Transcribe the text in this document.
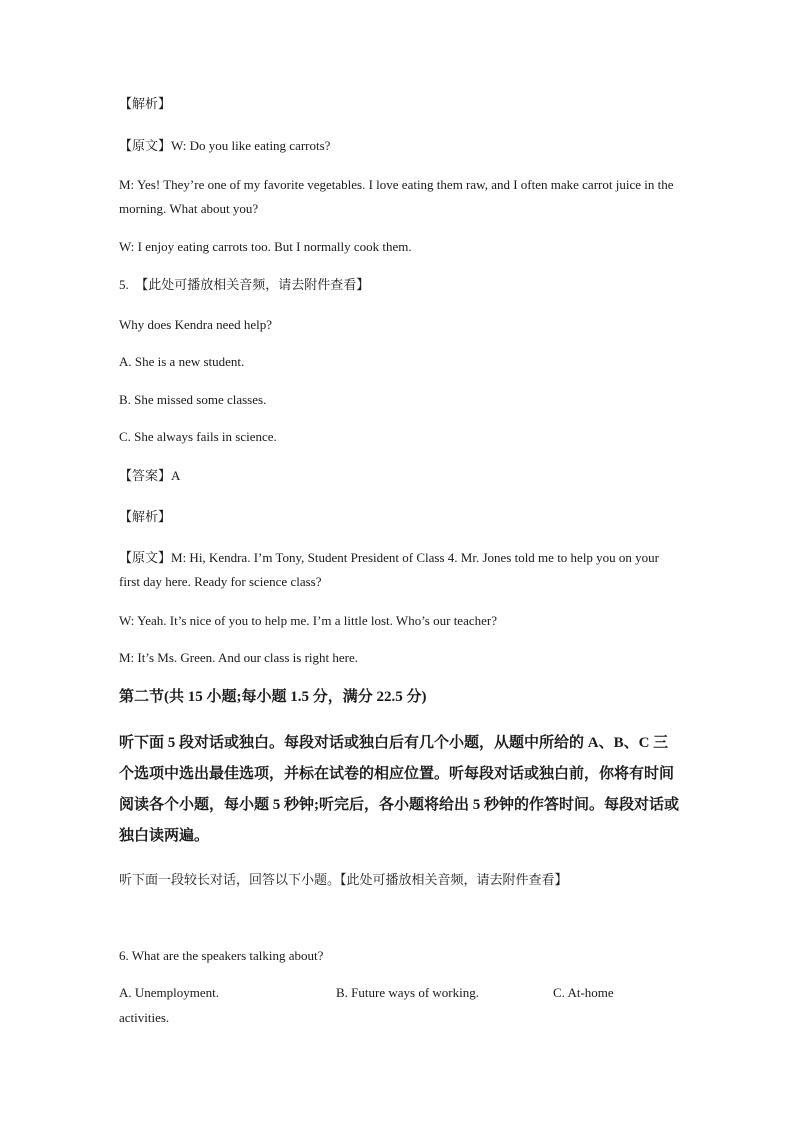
【解析】
【原文】W: Do you like eating carrots?
M: Yes! They’re one of my favorite vegetables. I love eating them raw, and I often make carrot juice in the morning. What about you?
W: I enjoy eating carrots too. But I normally cook them.
5. 【此处可播放相关音频，请去附件查看】
Why does Kendra need help?
A. She is a new student.
B. She missed some classes.
C. She always fails in science.
【答案】A
【解析】
【原文】M: Hi, Kendra. I’m Tony, Student President of Class 4. Mr. Jones told me to help you on your first day here. Ready for science class?
W: Yeah. It’s nice of you to help me. I’m a little lost. Who’s our teacher?
M: It’s Ms. Green. And our class is right here.
第二节(共 15 小题;每小题 1.5 分，满分 22.5 分)
听下面 5 段对话或独白。每段对话或独白后有几个小题，从题中所给的 A、B、C 三个选项中选出最佳选项，并标在试卷的相应位置。听每段对话或独白前，你将有时间阅读各个小题，每小题 5 秒钟;听完后，各小题将给出 5 秒钟的作答时间。每段对话或独白读两遍。
听下面一段较长对话，回答以下小题。【此处可播放相关音频，请去附件查看】
6. What are the speakers talking about?
A. Unemployment.	B. Future ways of working.	C. At-home
activities.
